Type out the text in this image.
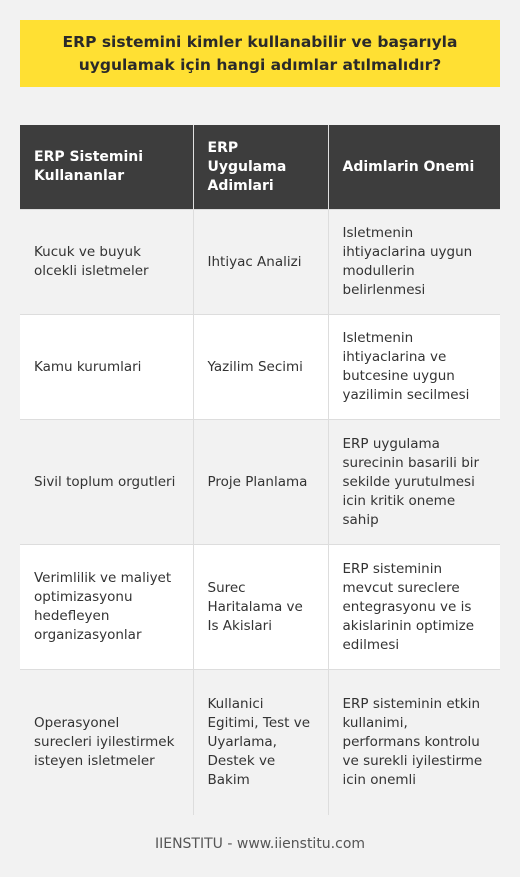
ERP sistemini kimler kullanabilir ve başarıyla uygulamak için hangi adımlar atılmalıdır?
ERP Sistemini Kullananlar	ERP Uygulama Adimlari	Adimlarin Onemi
Kucuk ve buyuk olcekli isletmeler	Ihtiyac Analizi	Isletmenin ihtiyaclarina uygun modullerin belirlenmesi
Kamu kurumlari	Yazilim Secimi	Isletmenin ihtiyaclarina ve butcesine uygun yazilimin secilmesi
Sivil toplum orgutleri	Proje Planlama	ERP uygulama surecinin basarili bir sekilde yurutulmesi icin kritik oneme sahip
Verimlilik ve maliyet optimizasyonu hedefleyen organizasyonlar	Surec Haritalama ve Is Akislari	ERP sisteminin mevcut sureclere entegrasyonu ve is akislarinin optimize edilmesi
Operasyonel surecleri iyilestirmek isteyen isletmeler	Kullanici Egitimi, Test ve Uyarlama, Destek ve Bakim	ERP sisteminin etkin kullanimi, performans kontrolu ve surekli iyilestirme icin onemli
IIENSTITU - www.iienstitu.com
